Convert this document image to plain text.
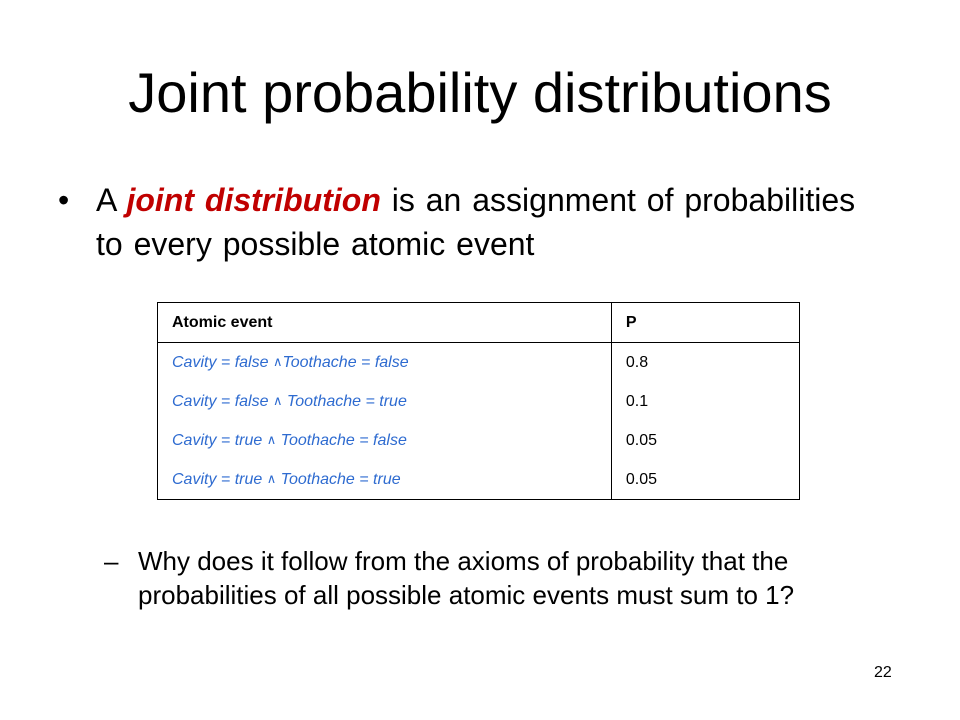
Joint probability distributions
• A joint distribution is an assignment of probabilities to every possible atomic event
Atomic event	P
Cavity = false ∧Toothache = false	0.8
Cavity = false ∧ Toothache = true	0.1
Cavity = true ∧ Toothache = false	0.05
Cavity = true ∧ Toothache = true	0.05
– Why does it follow from the axioms of probability that the probabilities of all possible atomic events must sum to 1?
22
